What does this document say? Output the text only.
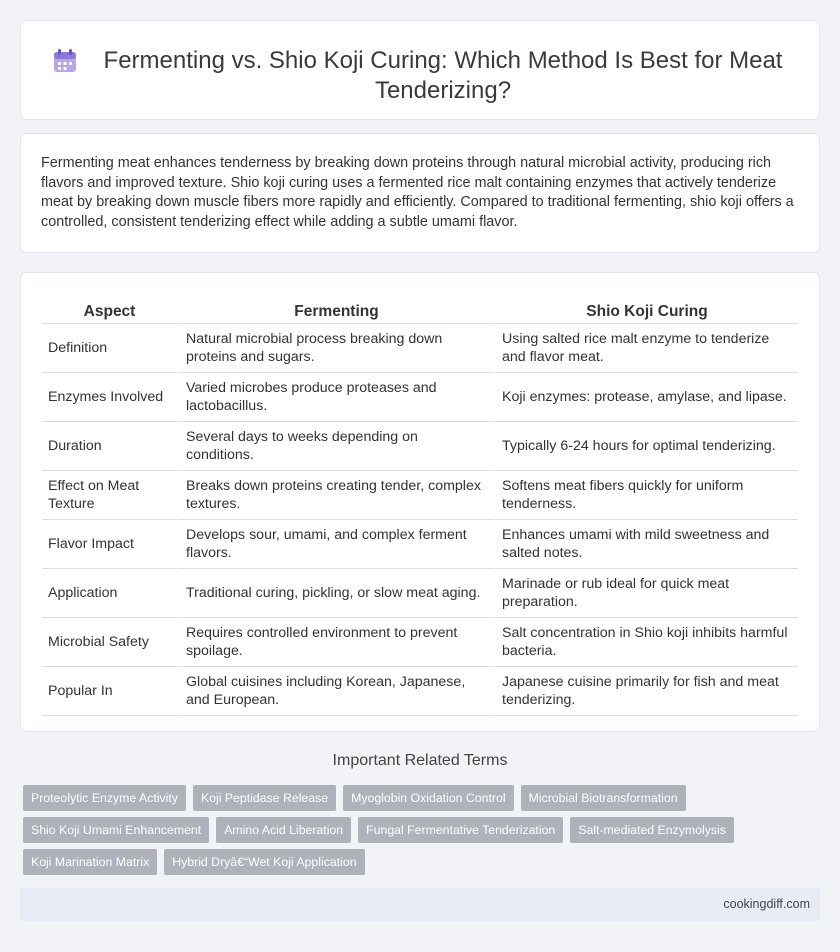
Fermenting vs. Shio Koji Curing: Which Method Is Best for Meat Tenderizing?

Fermenting meat enhances tenderness by breaking down proteins through natural microbial activity, producing rich flavors and improved texture. Shio koji curing uses a fermented rice malt containing enzymes that actively tenderize meat by breaking down muscle fibers more rapidly and efficiently. Compared to traditional fermenting, shio koji offers a controlled, consistent tenderizing effect while adding a subtle umami flavor.

Aspect	Fermenting	Shio Koji Curing
Definition	Natural microbial process breaking down proteins and sugars.	Using salted rice malt enzyme to tenderize and flavor meat.
Enzymes Involved	Varied microbes produce proteases and lactobacillus.	Koji enzymes: protease, amylase, and lipase.
Duration	Several days to weeks depending on conditions.	Typically 6-24 hours for optimal tenderizing.
Effect on Meat Texture	Breaks down proteins creating tender, complex textures.	Softens meat fibers quickly for uniform tenderness.
Flavor Impact	Develops sour, umami, and complex ferment flavors.	Enhances umami with mild sweetness and salted notes.
Application	Traditional curing, pickling, or slow meat aging.	Marinade or rub ideal for quick meat preparation.
Microbial Safety	Requires controlled environment to prevent spoilage.	Salt concentration in Shio koji inhibits harmful bacteria.
Popular In	Global cuisines including Korean, Japanese, and European.	Japanese cuisine primarily for fish and meat tenderizing.
Important Related Terms
Proteolytic Enzyme Activity	Koji Peptidase Release	Myoglobin Oxidation Control	Microbial Biotransformation
Shio Koji Umami Enhancement	Amino Acid Liberation	Fungal Fermentative Tenderization	Salt-mediated Enzymolysis
Koji Marination Matrix	Hybrid Dryâ€“Wet Koji Application
cookingdiff.com
